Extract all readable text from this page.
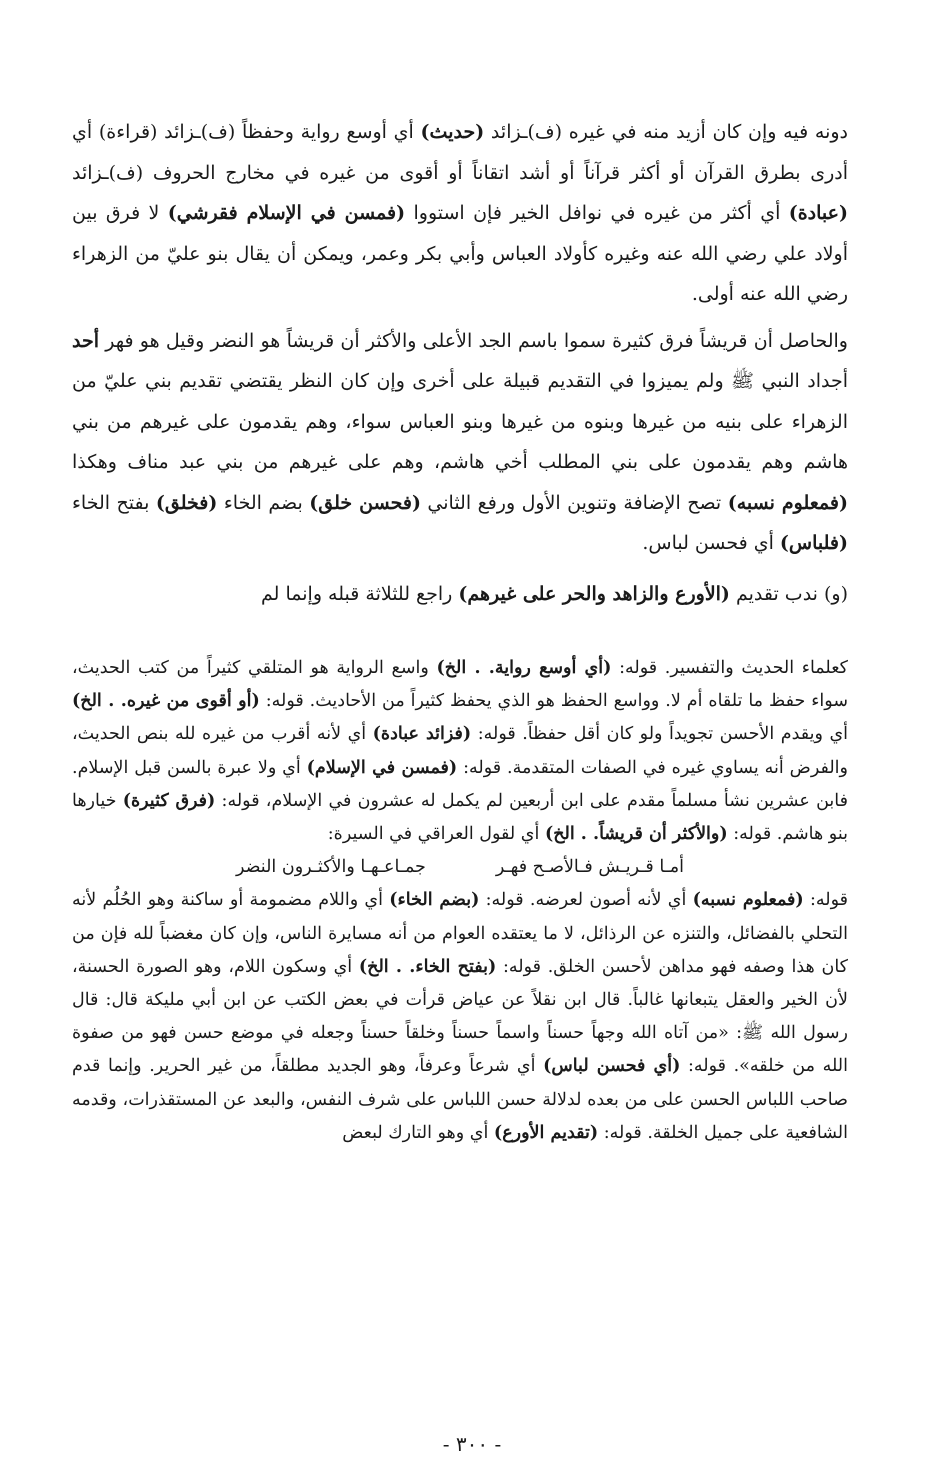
دونه فيه وإن كان أزيد منه في غيره (ف)ـزائد (حديث) أي أوسع رواية وحفظاً (ف)ـزائد (قراءة) أي أدرى بطرق القرآن أو أكثر قرآناً أو أشد اتقاناً أو أقوى من غيره في مخارج الحروف (ف)ـزائد (عبادة) أي أكثر من غيره في نوافل الخير فإن استووا (فمسن في الإسلام فقرشي) لا فرق بين أولاد علي رضي الله عنه وغيره كأولاد العباس وأبي بكر وعمر، ويمكن أن يقال بنو عليّ من الزهراء رضي الله عنه أولى.

والحاصل أن قريشاً فرق كثيرة سموا باسم الجد الأعلى والأكثر أن قريشاً هو النضر وقيل هو فهر أحد أجداد النبي ﷺ ولم يميزوا في التقديم قبيلة على أخرى وإن كان النظر يقتضي تقديم بني عليّ من الزهراء على بنيه من غيرها وبنوه من غيرها وبنو العباس سواء، وهم يقدمون على غيرهم من بني هاشم وهم يقدمون على بني المطلب أخي هاشم، وهم على غيرهم من بني عبد مناف وهكذا (فمعلوم نسبه) تصح الإضافة وتنوين الأول ورفع الثاني (فحسن خلق) بضم الخاء (فخلق) بفتح الخاء (فلباس) أي فحسن لباس.

(و) ندب تقديم (الأورع والزاهد والحر على غيرهم) راجع للثلاثة قبله وإنما لم

كعلماء الحديث والتفسير. قوله: (أي أوسع رواية. . الخ) واسع الرواية هو المتلقي كثيراً من كتب الحديث، سواء حفظ ما تلقاه أم لا. وواسع الحفظ هو الذي يحفظ كثيراً من الأحاديث. قوله: (أو أقوى من غيره. . الخ) أي ويقدم الأحسن تجويداً ولو كان أقل حفظاً. قوله: (فزائد عبادة) أي لأنه أقرب من غيره لله بنص الحديث، والفرض أنه يساوي غيره في الصفات المتقدمة. قوله: (فمسن في الإسلام) أي ولا عبرة بالسن قبل الإسلام. فابن عشرين نشأ مسلماً مقدم على ابن أربعين لم يكمل له عشرون في الإسلام، قوله: (فرق كثيرة) خيارها بنو هاشم. قوله: (والأكثر أن قريشاً. . الخ) أي لقول العراقي في السيرة:

أمـا قـريـش فـالأصـح فهـر
جمـاعـهـا والأكثـرون النضر

قوله: (فمعلوم نسبه) أي لأنه أصون لعرضه. قوله: (بضم الخاء) أي واللام مضمومة أو ساكنة وهو الحُلُم لأنه التحلي بالفضائل، والتنزه عن الرذائل، لا ما يعتقده العوام من أنه مسايرة الناس، وإن كان مغضباً لله فإن من كان هذا وصفه فهو مداهن لأحسن الخلق. قوله: (بفتح الخاء. . الخ) أي وسكون اللام، وهو الصورة الحسنة، لأن الخير والعقل يتبعانها غالباً. قال ابن نقلاً عن عياض قرأت في بعض الكتب عن ابن أبي مليكة قال: قال رسول الله ﷺ: «من آتاه الله وجهاً حسناً واسماً حسناً وخلقاً حسناً وجعله في موضع حسن فهو من صفوة الله من خلقه». قوله: (أي فحسن لباس) أي شرعاً وعرفاً، وهو الجديد مطلقاً، من غير الحرير. وإنما قدم صاحب اللباس الحسن على من بعده لدلالة حسن اللباس على شرف النفس، والبعد عن المستقذرات، وقدمه الشافعية على جميل الخلقة. قوله: (تقديم الأورع) أي وهو التارك لبعض

- ٣٠٠ -
